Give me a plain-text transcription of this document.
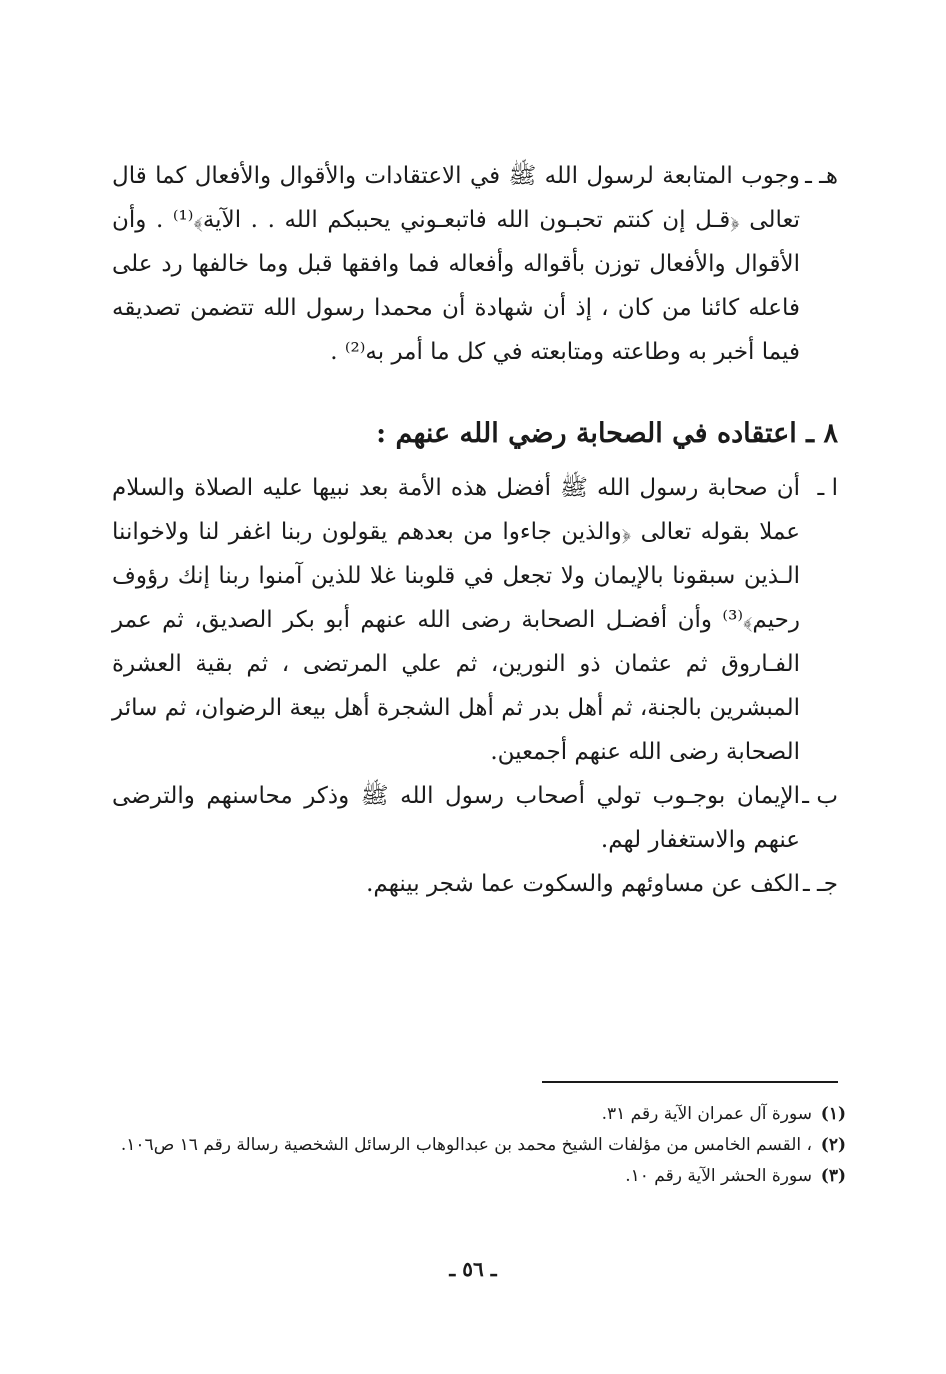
هـ ـ
وجوب المتابعة لرسول الله ﷺ في الاعتقادات والأقوال والأفعال كما قال تعالى ﴿قـل إن كنتم تحبـون الله فاتبعـوني يحببكم الله . . الآية﴾⁽¹⁾ . وأن الأقوال والأفعال توزن بأقواله وأفعاله فما وافقها قبل وما خالفها رد على فاعله كائنا من كان ، إذ أن شهادة أن محمدا رسول الله تتضمن تصديقه فيما أخبر به وطاعته ومتابعته في كل ما أمر به⁽²⁾ .
٨ ـ اعتقاده في الصحابة رضي الله عنهم :
ا ـ
أن صحابة رسول الله ﷺ أفضل هذه الأمة بعد نبيها عليه الصلاة والسلام عملا بقوله تعالى ﴿والذين جاءوا من بعدهم يقولون ربنا اغفر لنا ولاخواننا الـذين سبقونا بالإيمان ولا تجعل في قلوبنا غلا للذين آمنوا ربنا إنك رؤوف رحيم﴾⁽³⁾ وأن أفضـل الصحابة رضى الله عنهم أبو بكر الصديق، ثم عمر الفـاروق ثم عثمان ذو النورين، ثم علي المرتضى ، ثم بقية العشرة المبشرين بالجنة، ثم أهل بدر ثم أهل الشجرة أهل بيعة الرضوان، ثم سائر الصحابة رضى الله عنهم أجمعين.
ب ـ
الإيمان بوجـوب تولي أصحاب رسول الله ﷺ وذكر محاسنهم والترضى عنهم والاستغفار لهم.
جـ ـ
الكف عن مساوئهم والسكوت عما شجر بينهم.
(١)
سورة آل عمران الآية رقم ٣١.
(٢)
، القسم الخامس من مؤلفات الشيخ محمد بن عبدالوهاب الرسائل الشخصية رسالة رقم ١٦ ص١٠٦.
(٣)
سورة الحشر الآية رقم ١٠.
ـ ٥٦ ـ
